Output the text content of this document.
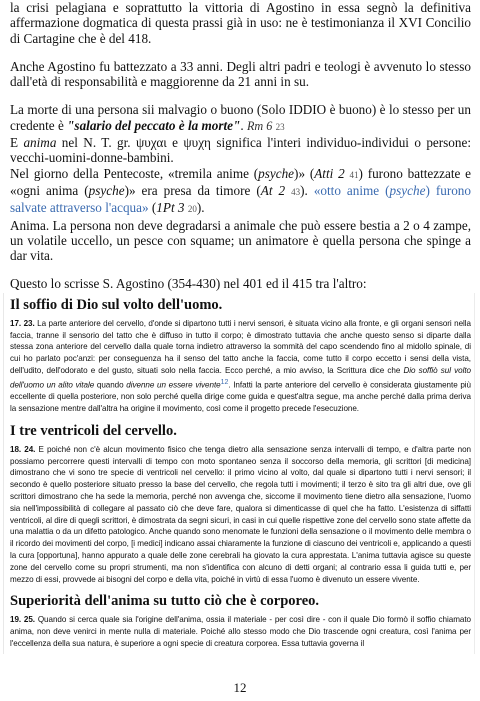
la crisi pelagiana e soprattutto la vittoria di Agostino in essa segnò la definitiva affermazione dogmatica di questa prassi già in uso: ne è testimonianza il XVI Concilio di Cartagine che è del 418.

Anche Agostino fu battezzato a 33 anni. Degli altri padri e teologi è avvenuto lo stesso dall'età di responsabilità e maggiorenne da 21 anni in su.

La morte di una persona sii malvagio o buono (Solo IDDIO è buono) è lo stesso per un credente è "salario del peccato è la morte". Rm 6 23

E anima nel N. T. gr. ψυχαι e ψυχη significa l'interi individuo-individui o persone: vecchi-uomini-donne-bambini.

Nel giorno della Pentecoste, «tremila anime (psyche)» (Atti 2 41) furono battezzate e «ogni anima (psyche)» era presa da timore (At 2 43). «otto anime (psyche) furono salvate attraverso l'acqua» (1Pt 3 20).

Anima. La persona non deve degradarsi a animale che può essere bestia a 2 o 4 zampe, un volatile uccello, un pesce con squame; un animatore è quella persona che spinge a dar vita.

Questo lo scrisse S. Agostino (354-430) nel 401 ed il 415 tra l'altro:

Il soffio di Dio sul volto dell'uomo.

17. 23. La parte anteriore del cervello, d'onde si dipartono tutti i nervi sensori, è situata vicino alla fronte, e gli organi sensori nella faccia, tranne il sensorio del tatto che è diffuso in tutto il corpo; è dimostrato tuttavia che anche questo senso si diparte dalla stessa zona anteriore del cervello dalla quale torna indietro attraverso la sommità del capo scendendo fino al midollo spinale, di cui ho parlato poc'anzi: per conseguenza ha il senso del tatto anche la faccia, come tutto il corpo eccetto i sensi della vista, dell'udito, dell'odorato e del gusto, situati solo nella faccia. Ecco perché, a mio avviso, la Scrittura dice che Dio soffiò sul volto dell'uomo un alito vitale quando divenne un essere vivente12. Infatti la parte anteriore del cervello è considerata giustamente più eccellente di quella posteriore, non solo perché quella dirige come guida e quest'altra segue, ma anche perché dalla prima deriva la sensazione mentre dall'altra ha origine il movimento, così come il progetto precede l'esecuzione.

I tre ventricoli del cervello.

18. 24. E poiché non c'è alcun movimento fisico che tenga dietro alla sensazione senza intervalli di tempo, e d'altra parte non possiamo percorrere questi intervalli di tempo con moto spontaneo senza il soccorso della memoria, gli scrittori [di medicina] dimostrano che vi sono tre specie di ventricoli nel cervello: il primo vicino al volto, dal quale si dipartono tutti i nervi sensori; il secondo è quello posteriore situato presso la base del cervello, che regola tutti i movimenti; il terzo è sito tra gli altri due, ove gli scrittori dimostrano che ha sede la memoria, perché non avvenga che, siccome il movimento tiene dietro alla sensazione, l'uomo sia nell'impossibilità di collegare al passato ciò che deve fare, qualora si dimenticasse di quel che ha fatto. L'esistenza di siffatti ventricoli, al dire di quegli scrittori, è dimostrata da segni sicuri, in casi in cui quelle rispettive zone del cervello sono state affette da una malattia o da un difetto patologico. Anche quando sono menomate le funzioni della sensazione o il movimento delle membra o il ricordo dei movimenti del corpo, [i medici] indicano assai chiaramente la funzione di ciascuno dei ventricoli e, applicando a questi la cura [opportuna], hanno appurato a quale delle zone cerebrali ha giovato la cura apprestata. L'anima tuttavia agisce su queste zone del cervello come su propri strumenti, ma non s'identifica con alcuno di detti organi; al contrario essa li guida tutti e, per mezzo di essi, provvede ai bisogni del corpo e della vita, poiché in virtù di essa l'uomo è divenuto un essere vivente.

Superiorità dell'anima su tutto ciò che è corporeo.

19. 25. Quando si cerca quale sia l'origine dell'anima, ossia il materiale - per così dire - con il quale Dio formò il soffio chiamato anima, non deve venirci in mente nulla di materiale. Poiché allo stesso modo che Dio trascende ogni creatura, così l'anima per l'eccellenza della sua natura, è superiore a ogni specie di creatura corporea. Essa tuttavia governa il

12
